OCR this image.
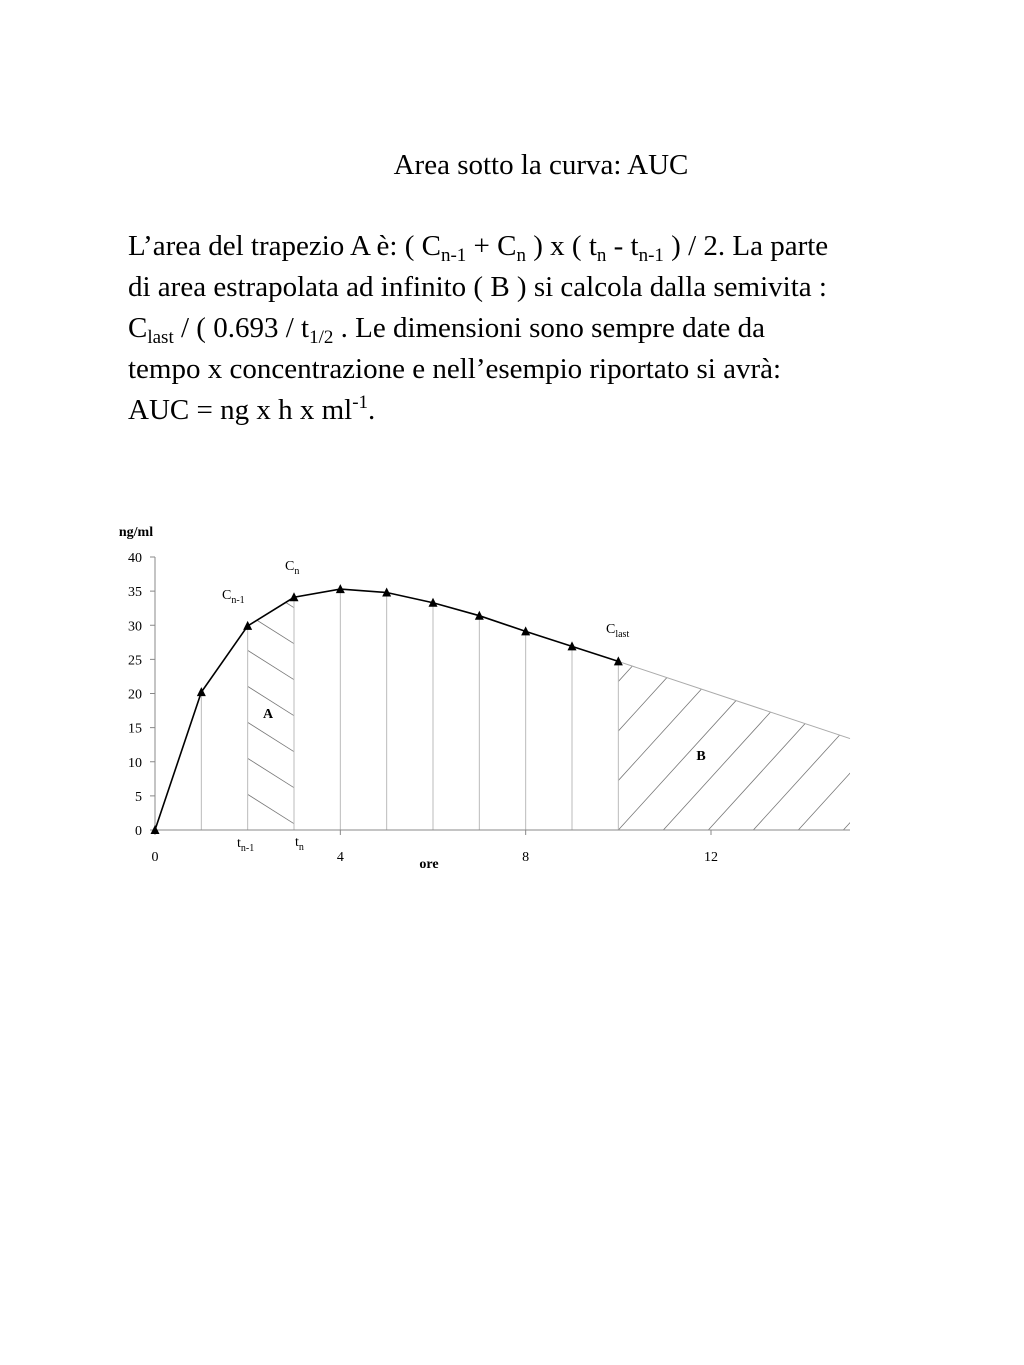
Area sotto la curva: AUC

L’area del trapezio A è: ( $C_{n-1} + C_n$ ) x ( $t_n - t_{n-1}$ ) / 2. La parte

di area estrapolata ad infinito ( B ) si calcola dalla semivita :

$C_{last}$ / ( $0.693 / t_{1/2}$ . Le dimensioni sono sempre date da

tempo x concentrazione e nell’esempio riportato si avrà:

AUC = ng x h x $ml^{-1}$.

0
5
10
15
20
25
30
35
40
0	4	8	12
ng/ml
ore
A
B
$C_{n-1}$
$C_n$
$C_{last}$
$t_{n-1}$	$t_n$
